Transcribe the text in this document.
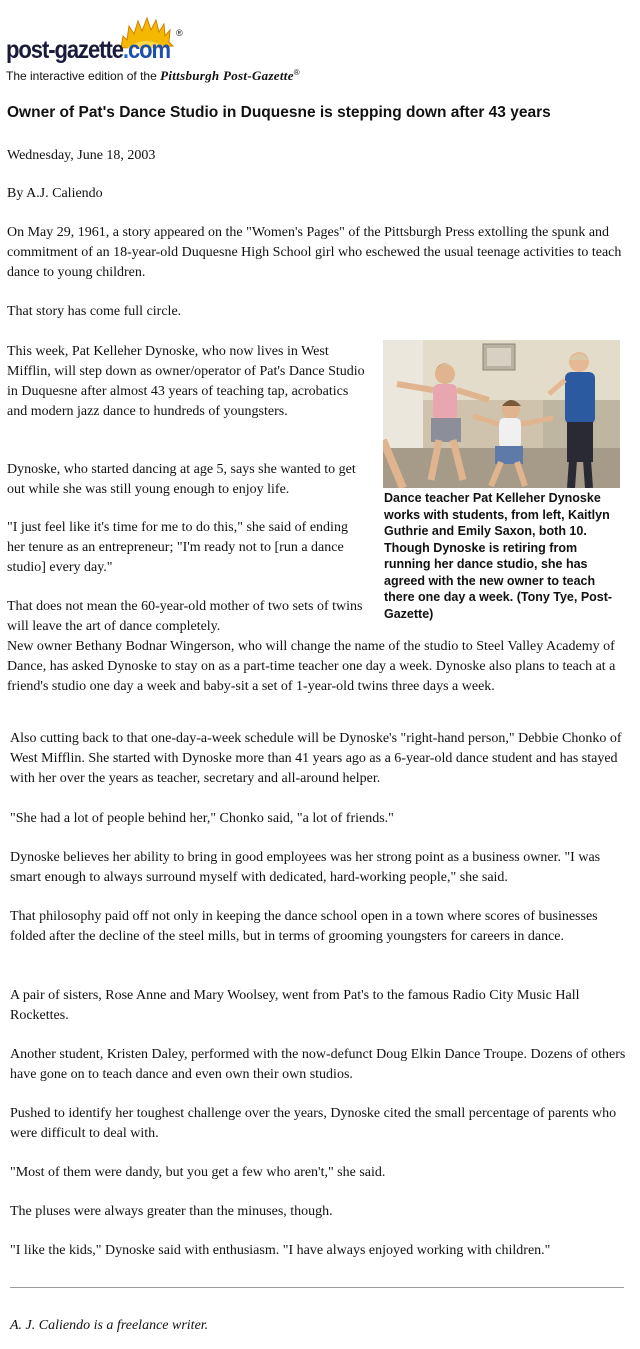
post-gazette.com
®
The interactive edition of the Pittsburgh Post-Gazette®
Owner of Pat's Dance Studio in Duquesne is stepping down after 43 years

Wednesday, June 18, 2003

By A.J. Caliendo

On May 29, 1961, a story appeared on the "Women's Pages" of the Pittsburgh Press extolling the spunk and commitment of an 18-year-old Duquesne High School girl who eschewed the usual teenage activities to teach dance to young children.

That story has come full circle.

This week, Pat Kelleher Dynoske, who now lives in West Mifflin, will step down as owner/operator of Pat's Dance Studio in Duquesne after almost 43 years of teaching tap, acrobatics and modern jazz dance to hundreds of youngsters.

Dynoske, who started dancing at age 5, says she wanted to get out while she was still young enough to enjoy life.

"I just feel like it's time for me to do this," she said of ending her tenure as an entrepreneur; "I'm ready not to [run a dance studio] every day."

That does not mean the 60-year-old mother of two sets of twins will leave the art of dance completely.
New owner Bethany Bodnar Wingerson, who will change the name of the studio to Steel Valley Academy of Dance, has asked Dynoske to stay on as a part-time teacher one day a week. Dynoske also plans to teach at a friend's studio one day a week and baby-sit a set of 1-year-old twins three days a week.

Dance teacher Pat Kelleher Dynoske works with students, from left, Kaitlyn Guthrie and Emily Saxon, both 10. Though Dynoske is retiring from running her dance studio, she has agreed with the new owner to teach there one day a week. (Tony Tye, Post-Gazette)

Also cutting back to that one-day-a-week schedule will be Dynoske's "right-hand person," Debbie Chonko of West Mifflin. She started with Dynoske more than 41 years ago as a 6-year-old dance student and has stayed with her over the years as teacher, secretary and all-around helper.

"She had a lot of people behind her," Chonko said, "a lot of friends."

Dynoske believes her ability to bring in good employees was her strong point as a business owner. "I was smart enough to always surround myself with dedicated, hard-working people," she said.

That philosophy paid off not only in keeping the dance school open in a town where scores of businesses folded after the decline of the steel mills, but in terms of grooming youngsters for careers in dance.

A pair of sisters, Rose Anne and Mary Woolsey, went from Pat's to the famous Radio City Music Hall Rockettes.

Another student, Kristen Daley, performed with the now-defunct Doug Elkin Dance Troupe. Dozens of others have gone on to teach dance and even own their own studios.

Pushed to identify her toughest challenge over the years, Dynoske cited the small percentage of parents who were difficult to deal with.

"Most of them were dandy, but you get a few who aren't," she said.

The pluses were always greater than the minuses, though.

"I like the kids," Dynoske said with enthusiasm. "I have always enjoyed working with children."

A. J. Caliendo is a freelance writer.
